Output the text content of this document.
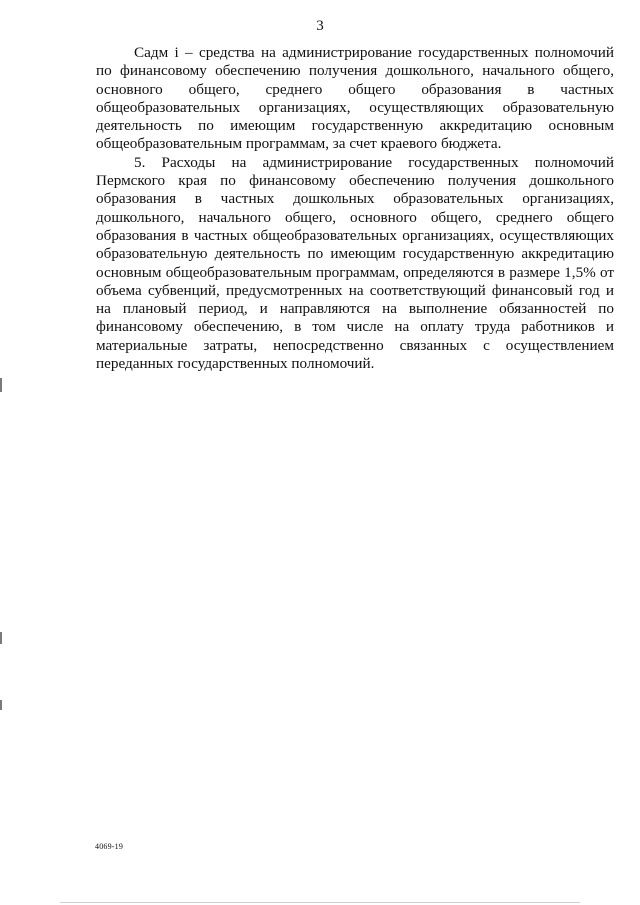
3

Садм i – средства на администрирование государственных полномочий по финансовому обеспечению получения дошкольного, начального общего, основного общего, среднего общего образования в частных общеобразовательных организациях, осуществляющих образовательную деятельность по имеющим государственную аккредитацию основным общеобразовательным программам, за счет краевого бюджета.

5. Расходы на администрирование государственных полномочий Пермского края по финансовому обеспечению получения дошкольного образования в частных дошкольных образовательных организациях, дошкольного, начального общего, основного общего, среднего общего образования в частных общеобразовательных организациях, осуществляющих образовательную деятельность по имеющим государственную аккредитацию основным общеобразовательным программам, определяются в размере 1,5% от объема субвенций, предусмотренных на соответствующий финансовый год и на плановый период, и направляются на выполнение обязанностей по финансовому обеспечению, в том числе на оплату труда работников и материальные затраты, непосредственно связанных с осуществлением переданных государственных полномочий.

4069-19
